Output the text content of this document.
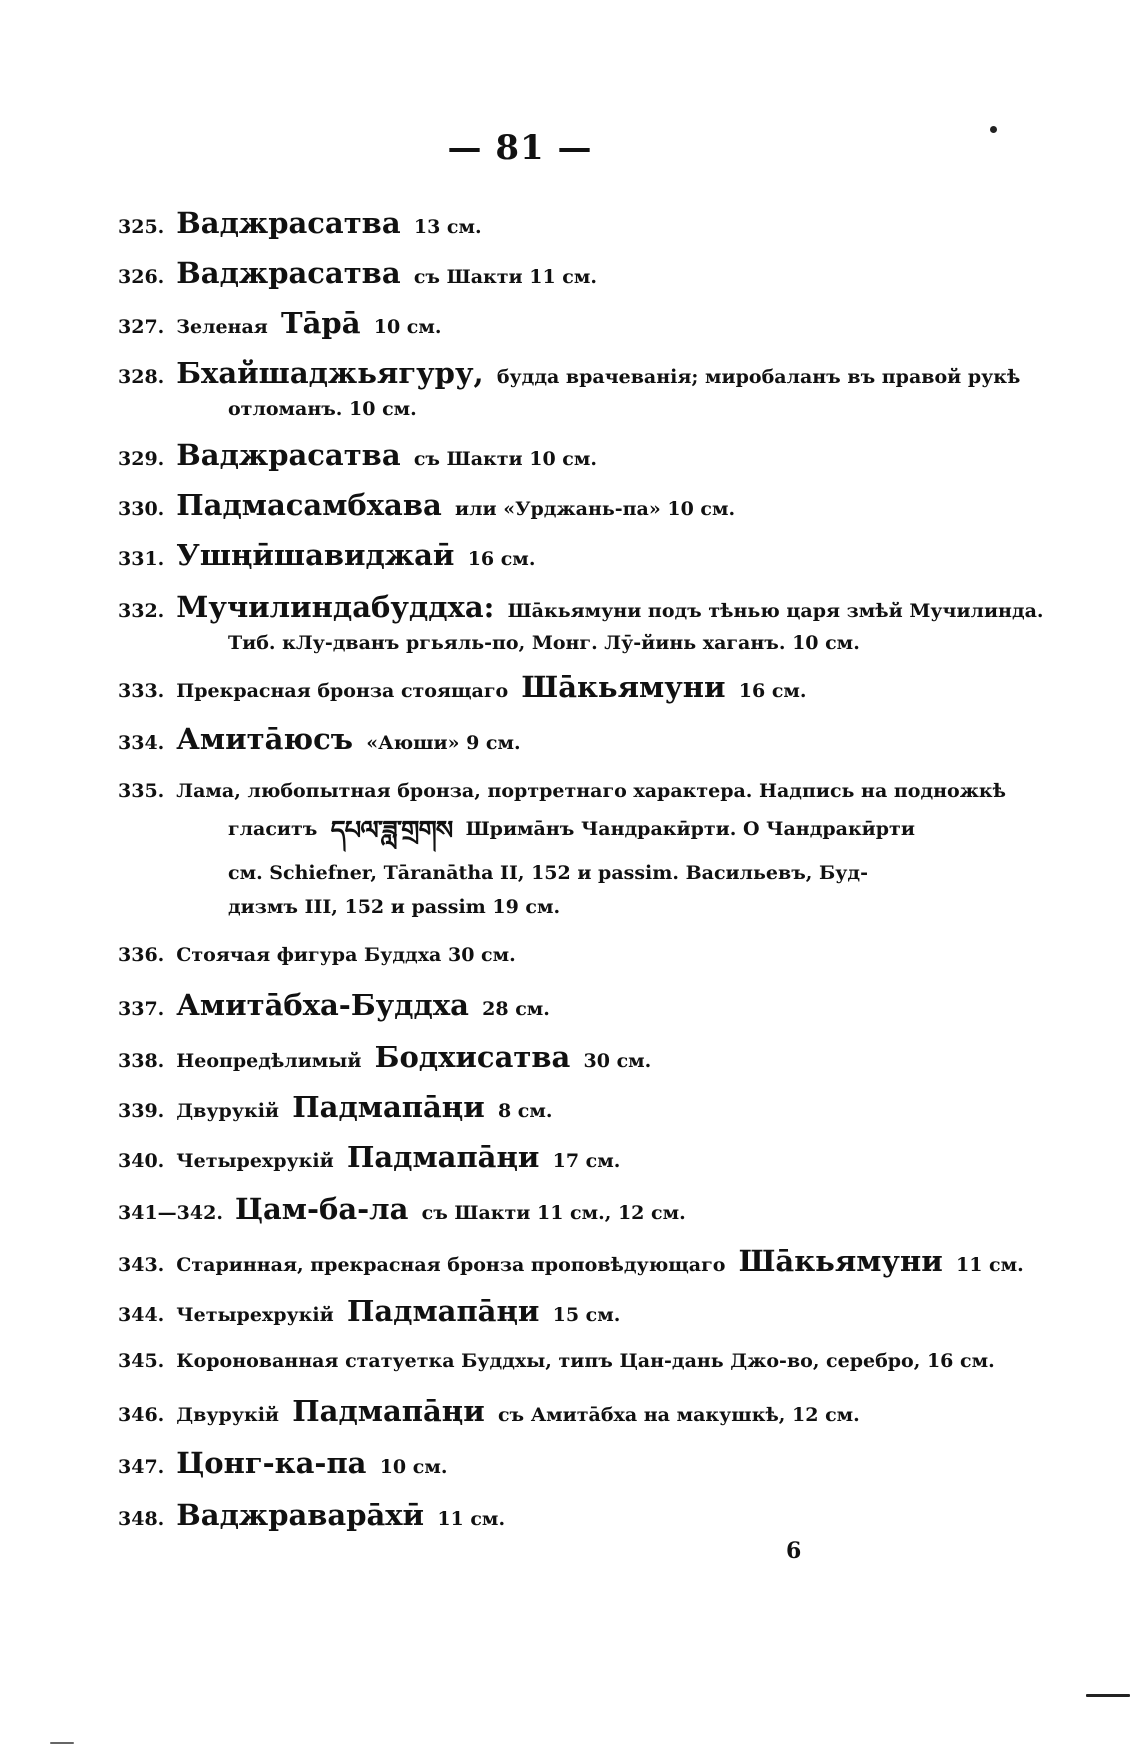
— 81 —
325. Ваджрасатва 13 см.
326. Ваджрасатва съ Шакти 11 см.
327. Зеленая Тāрā 10 см.
328. Бхайшаджьягуру, будда врачеванія; миробаланъ въ правой рукѣ
отломанъ. 10 см.
329. Ваджрасатва съ Шакти 10 см.
330. Падмасамбхава или «Урджань-па» 10 см.
331. Ушңӣшавиджаӣ 16 см.
332. Мучилиндабуддха: Шāкьямуни подъ тѣнью царя змѣй Мучилинда.
Тиб. кЛу-дванъ ргьяль-по, Монг. Лӯ-йинь хаганъ. 10 см.
333. Прекрасная бронза стоящаго Шāкьямуни 16 см.
334. Амитāюсъ «Аюши» 9 см.
335. Лама, любопытная бронза, портретнаго характера. Надпись на подножкѣ
гласитъ དཔལ་ཟླ་གྲགས Шримāнъ Чандракӣрти. О Чандракӣрти
см. Schiefner, Tāranātha II, 152 и passim. Васильевъ, Буд-
дизмъ III, 152 и passim 19 см.
336. Стоячая фигура Буддха 30 см.
337. Амитāбха-Буддха 28 см.
338. Неопредѣлимый Бодхисатва 30 см.
339. Двурукій Падмапāңи 8 см.
340. Четырехрукій Падмапāңи 17 см.
341—342. Цам-ба-ла съ Шакти 11 см., 12 см.
343. Старинная, прекрасная бронза проповѣдующаго Шāкьямуни 11 см.
344. Четырехрукій Падмапāңи 15 см.
345. Коронованная статуетка Буддхы, типъ Цан-дань Джо-во, серебро, 16 см.
346. Двурукій Падмапāңи съ Амитāбха на макушкѣ, 12 см.
347. Цонг-ка-па 10 см.
348. Ваджраварāхӣ 11 см.
6
